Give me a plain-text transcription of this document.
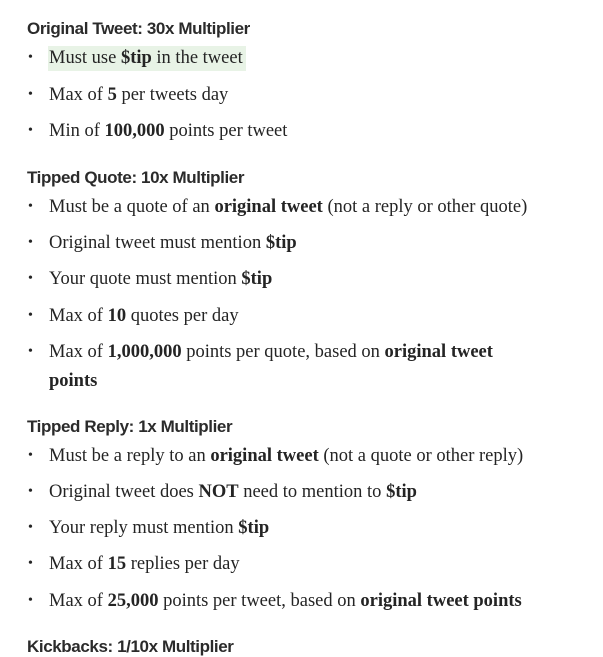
Original Tweet: 30x Multiplier
• Must use $tip in the tweet
• Max of 5 per tweets day
• Min of 100,000 points per tweet
Tipped Quote: 10x Multiplier
• Must be a quote of an original tweet (not a reply or other quote)
• Original tweet must mention $tip
• Your quote must mention $tip
• Max of 10 quotes per day
• Max of 1,000,000 points per quote, based on original tweet points
Tipped Reply: 1x Multiplier
• Must be a reply to an original tweet (not a quote or other reply)
• Original tweet does NOT need to mention to $tip
• Your reply must mention $tip
• Max of 15 replies per day
• Max of 25,000 points per tweet, based on original tweet points
Kickbacks: 1/10x Multiplier
